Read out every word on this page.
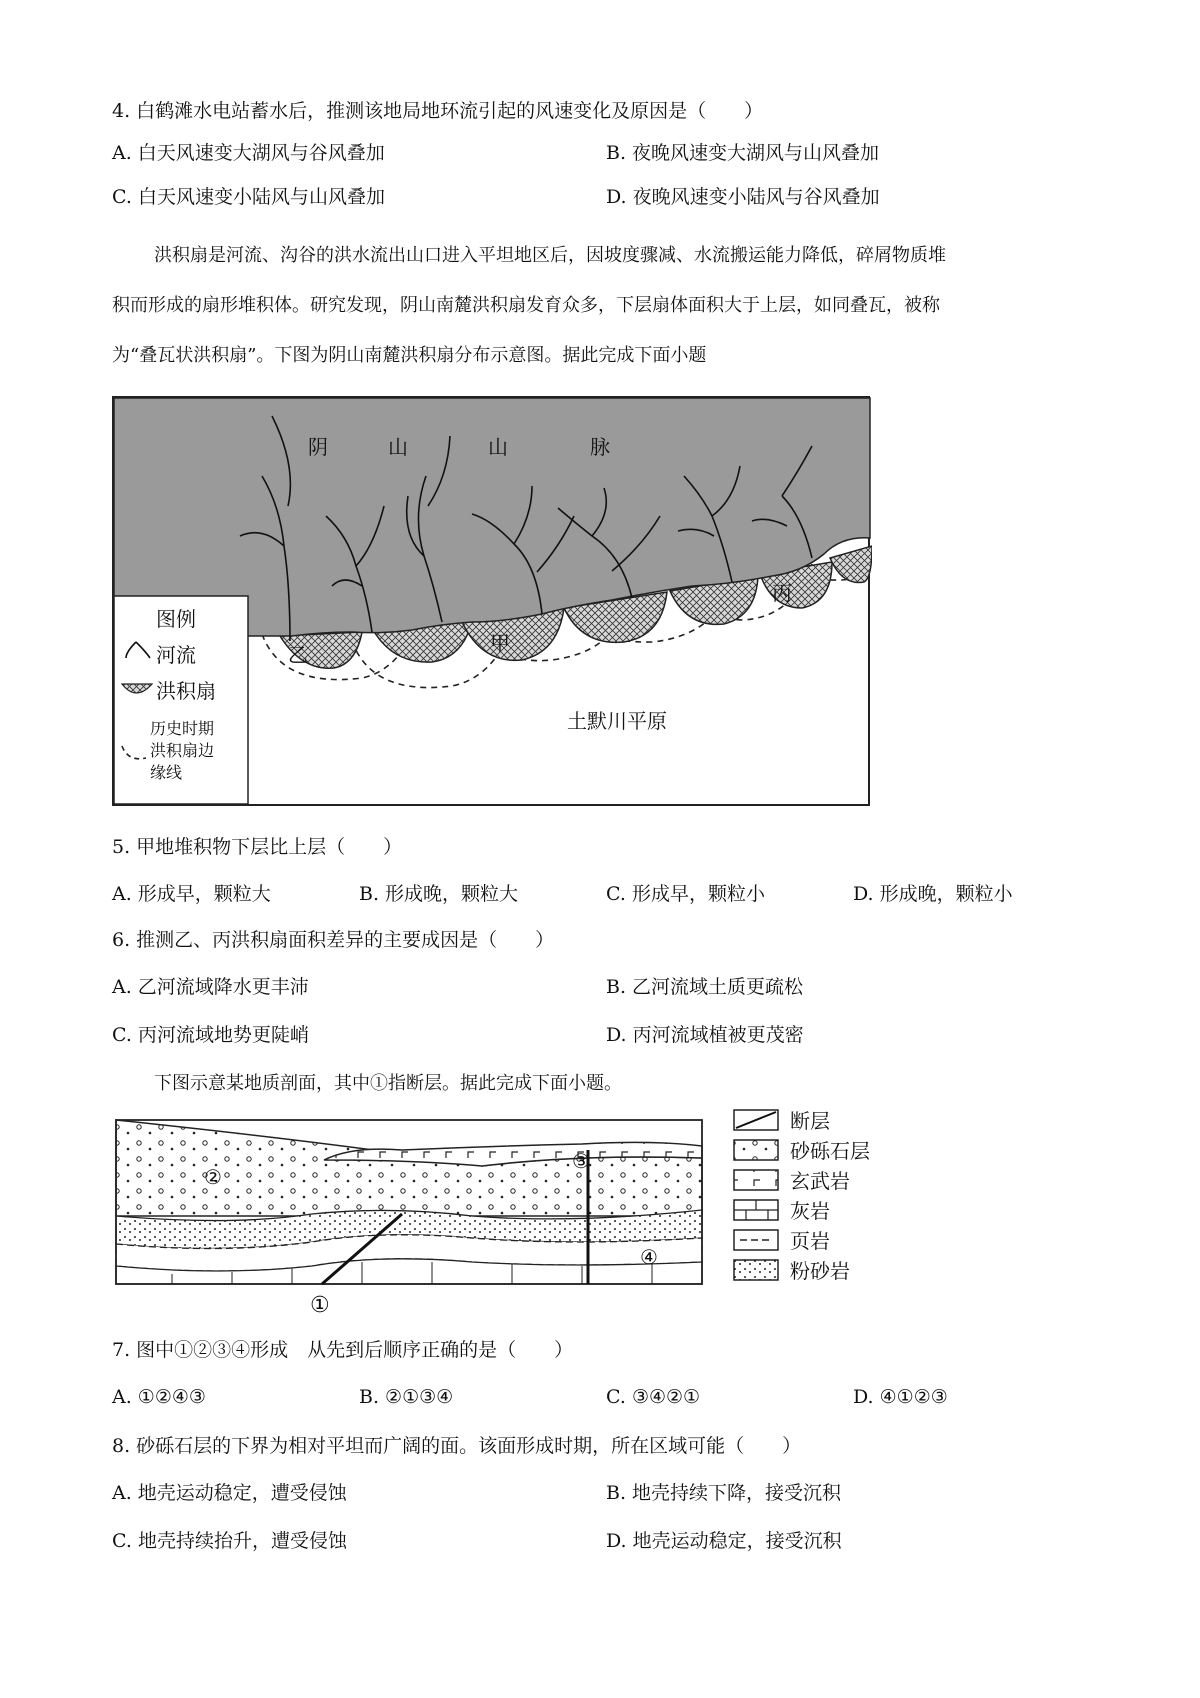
4. 白鹤滩水电站蓄水后，推测该地局地环流引起的风速变化及原因是（　　）
A. 白天风速变大湖风与谷风叠加	B. 夜晚风速变大湖风与山风叠加
C. 白天风速变小陆风与山风叠加	D. 夜晚风速变小陆风与谷风叠加
洪积扇是河流、沟谷的洪水流出山口进入平坦地区后，因坡度骤减、水流搬运能力降低，碎屑物质堆
积而形成的扇形堆积体。研究发现，阴山南麓洪积扇发育众多，下层扇体面积大于上层，如同叠瓦，被称
为“叠瓦状洪积扇”。下图为阴山南麓洪积扇分布示意图。据此完成下面小题
阴	山	山	脉
乙	甲
丙
土默川平原
图例
河流
洪积扇
历史时期
洪积扇边
缘线
5. 甲地堆积物下层比上层（　　）
A. 形成早，颗粒大	B. 形成晚，颗粒大	C. 形成早，颗粒小	D. 形成晚，颗粒小
6. 推测乙、丙洪积扇面积差异的主要成因是（　　）
A. 乙河流域降水更丰沛	B. 乙河流域土质更疏松
C. 丙河流域地势更陡峭	D. 丙河流域植被更茂密
下图示意某地质剖面，其中①指断层。据此完成下面小题。
②
③
④
①
断层
砂砾石层
玄武岩
灰岩
页岩
粉砂岩
7. 图中①②③④形成　从先到后顺序正确的是（　　）
A. ①②④③	B. ②①③④	C. ③④②①	D. ④①②③
8. 砂砾石层的下界为相对平坦而广阔的面。该面形成时期，所在区域可能（　　）
A. 地壳运动稳定，遭受侵蚀	B. 地壳持续下降，接受沉积
C. 地壳持续抬升，遭受侵蚀	D. 地壳运动稳定，接受沉积
